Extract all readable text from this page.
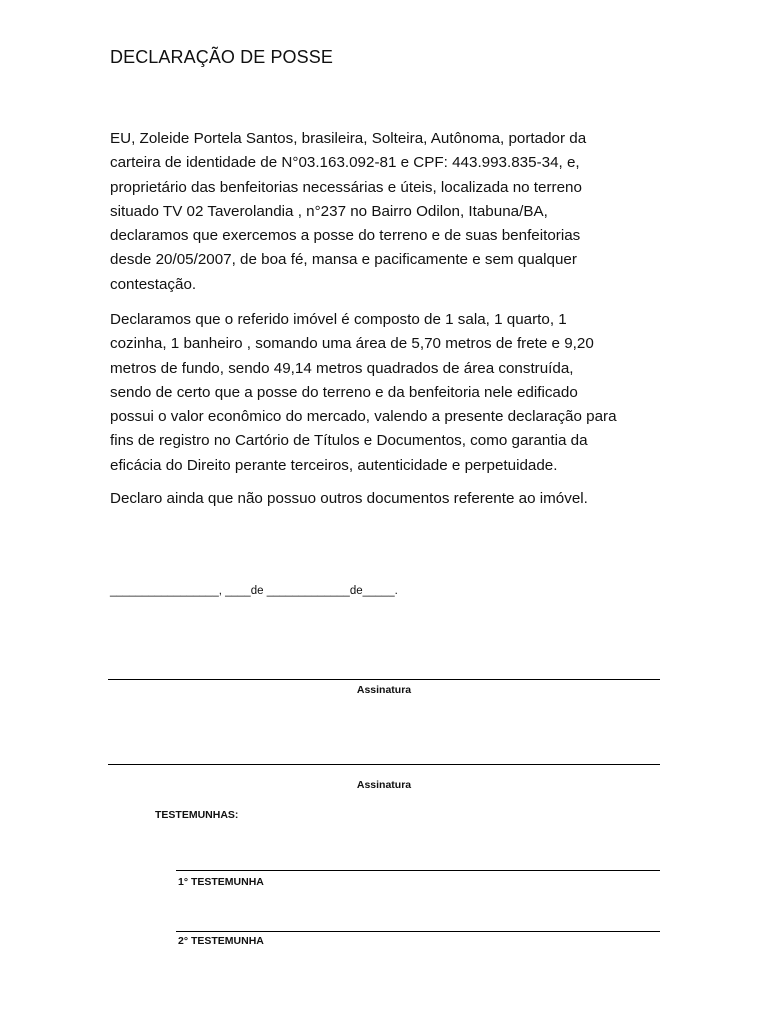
DECLARAÇÃO DE POSSE

EU, Zoleide Portela Santos, brasileira, Solteira, Autônoma, portador da
carteira de identidade de N°03.163.092-81 e CPF: 443.993.835-34, e,
proprietário das benfeitorias necessárias e úteis, localizada no terreno
situado TV 02 Taverolandia , n°237 no Bairro Odilon, Itabuna/BA,
declaramos que exercemos a posse do terreno e de suas benfeitorias
desde 20/05/2007, de boa fé, mansa e pacificamente e sem qualquer
contestação.

Declaramos que o referido imóvel é composto de 1 sala, 1 quarto, 1
cozinha, 1 banheiro , somando uma área de 5,70 metros de frete e 9,20
metros de fundo, sendo 49,14 metros quadrados de área construída,
sendo de certo que a posse do terreno e da benfeitoria nele edificado
possui o valor econômico do mercado, valendo a presente declaração para
fins de registro no Cartório de Títulos e Documentos, como garantia da
eficácia do Direito perante terceiros, autenticidade e perpetuidade.

Declaro ainda que não possuo outros documentos referente ao imóvel.

_________________, ____de _____________de_____.
Assinatura
Assinatura
TESTEMUNHAS:
1° TESTEMUNHA
2° TESTEMUNHA
